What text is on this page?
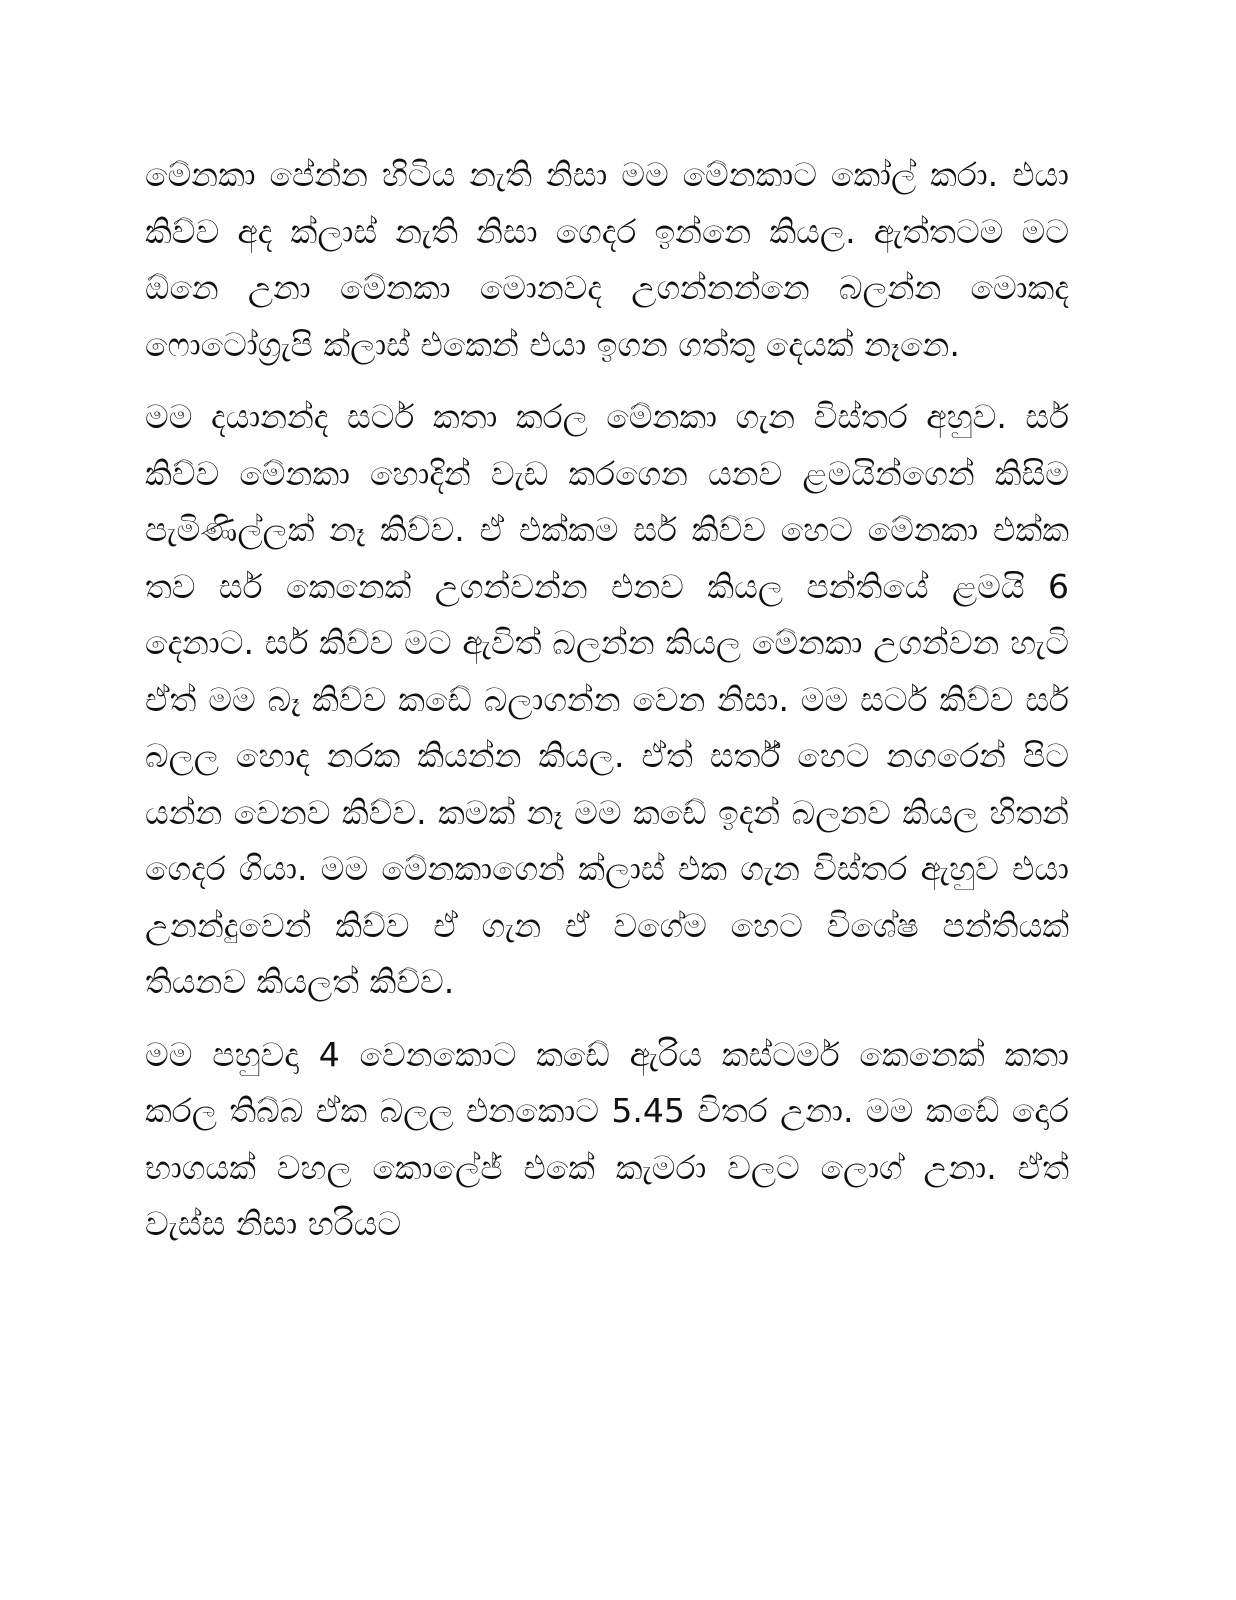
මේනකා පේන්න හිටිය නැති නිසා මම මේනකාට කෝල් කරා. එයා කිව්ව අද ක්ලාස් නැති නිසා ගෙදර ඉන්නෙ කියල. ඇත්තටම මට ඕනෙ උනා මේනකා මොනවද උගන්නන්නෙ බලන්න මොකද ෆොටෝග්‍රැපි ක්ලාස් එකෙන් එයා ඉගන ගත්තු දෙයක් නෑනෙ.

මම දයානන්ද සර්ට කතා කරල මේනකා ගැන විස්තර අහුව. සර් කිව්ව මේනකා හොදින් වැඩ කරගෙන යනව ළමයින්ගෙන් කිසිම පැමිණිල්ලක් නෑ කිව්ව. ඒ එක්කම සර් කිව්ව හෙට මේනකා එක්ක තව සර් කෙනෙක් උගන්වන්න එනව කියල පන්තියේ ළමයි 6 දෙනාට. සර් කිව්ව මට ඇවිත් බලන්න කියල මේනකා උගන්වන හැටි ඒත් මම බෑ කිව්ව කඩේ බලාගන්න වෙන නිසා. මම සර්ට කිව්ව සර් බලල හොද නරක කියන්න කියල. ඒත් සර්ත් හෙට නගරෙන් පිට යන්න වෙනව කිව්ව. කමක් නෑ මම කඩේ ඉදන් බලනව කියල හිතන් ගෙදර ගියා. මම මේනකාගෙන් ක්ලාස් එක ගැන විස්තර ඇහුව එයා උනන්දුවෙන් කිව්ව ඒ ගැන ඒ වගේම හෙට විශේෂ පන්තියක් තියනව කියලත් කිව්ව.

මම පහුවදා 4 වෙනකොට කඩේ ඇරිය කස්ටමර් කෙනෙක් කතා කරල තිබ්බ ඒක බලල එනකොට 5.45 විතර උනා. මම කඩේ දොර භාගයක් වහල කොලේජ් එකේ කැමරා වලට ලොග් උනා. ඒත් වැස්ස නිසා හරියට
